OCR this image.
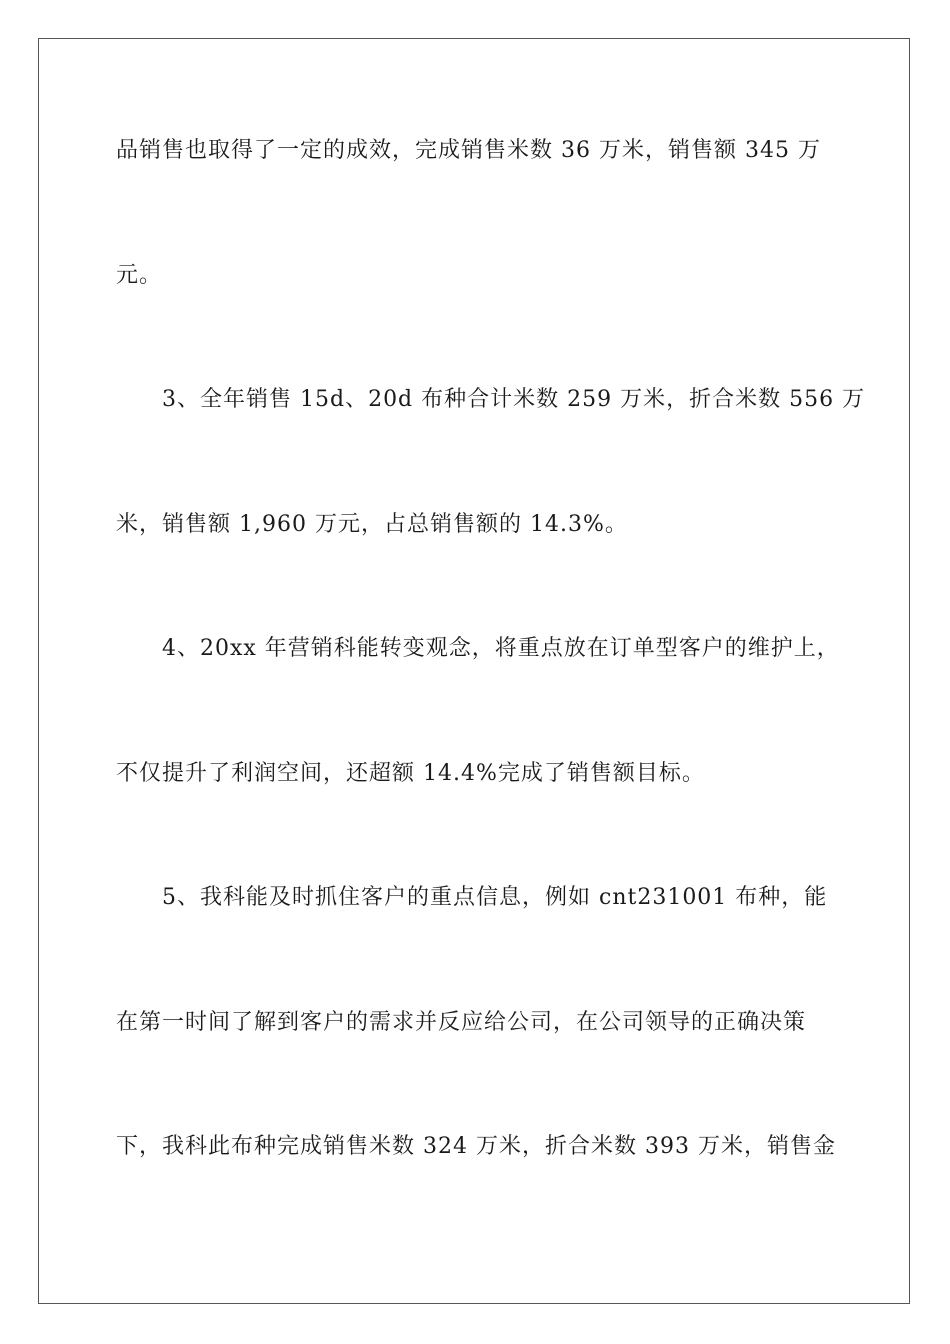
品销售也取得了一定的成效，完成销售米数 36 万米，销售额 345 万
元。
3、全年销售 15d、20d 布种合计米数 259 万米，折合米数 556 万
米，销售额 1,960 万元，占总销售额的 14.3%。
4、20xx 年营销科能转变观念，将重点放在订单型客户的维护上，
不仅提升了利润空间，还超额 14.4%完成了销售额目标。
5、我科能及时抓住客户的重点信息，例如 cnt231001 布种，能
在第一时间了解到客户的需求并反应给公司，在公司领导的正确决策
下，我科此布种完成销售米数 324 万米，折合米数 393 万米，销售金
